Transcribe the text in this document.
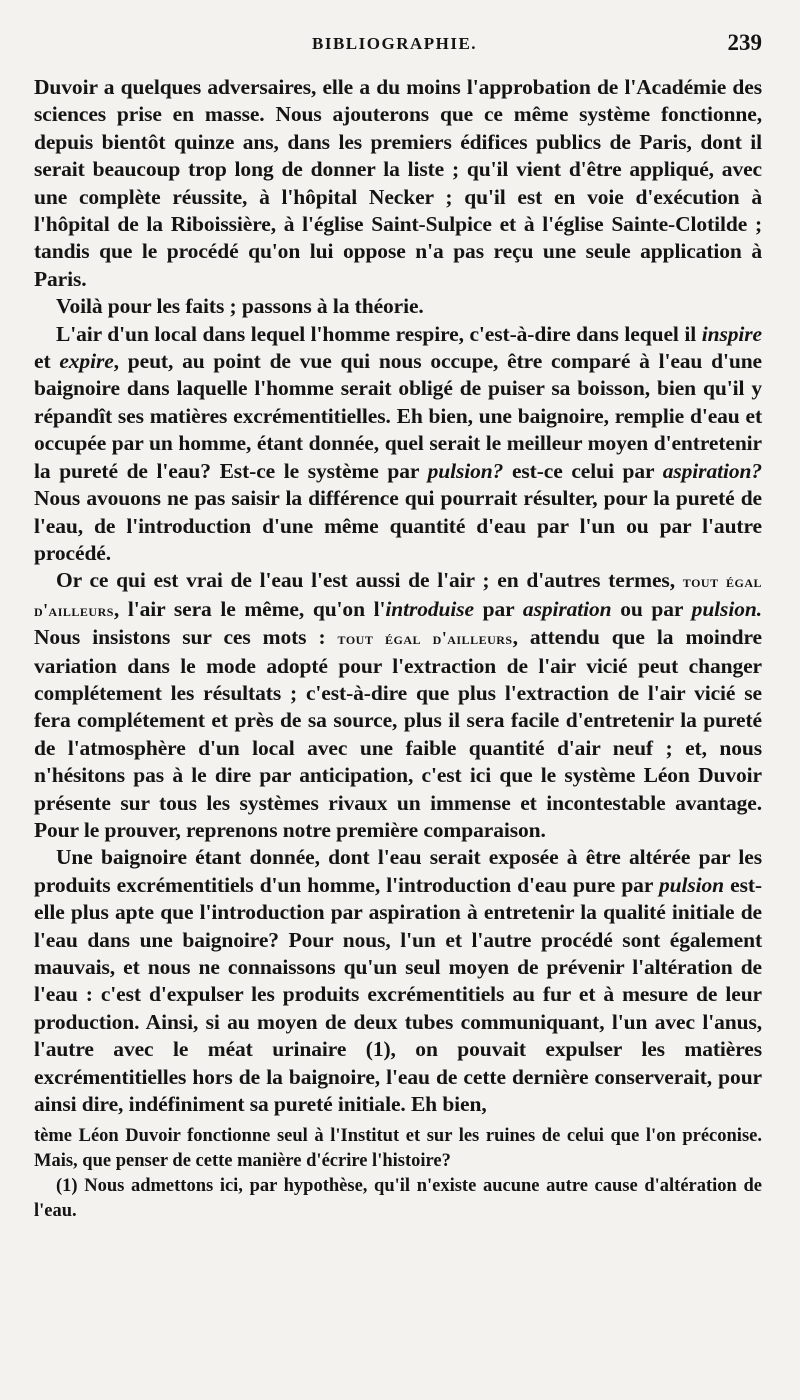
BIBLIOGRAPHIE.	239

Duvoir a quelques adversaires, elle a du moins l'approbation de l'Académie des sciences prise en masse. Nous ajouterons que ce même système fonctionne, depuis bientôt quinze ans, dans les premiers édifices publics de Paris, dont il serait beaucoup trop long de donner la liste ; qu'il vient d'être appliqué, avec une complète réussite, à l'hôpital Necker ; qu'il est en voie d'exécution à l'hôpital de la Riboissière, à l'église Saint-Sulpice et à l'église Sainte-Clotilde ; tandis que le procédé qu'on lui oppose n'a pas reçu une seule application à Paris.

Voilà pour les faits ; passons à la théorie.

L'air d'un local dans lequel l'homme respire, c'est-à-dire dans lequel il inspire et expire, peut, au point de vue qui nous occupe, être comparé à l'eau d'une baignoire dans laquelle l'homme serait obligé de puiser sa boisson, bien qu'il y répandît ses matières excrémentitielles. Eh bien, une baignoire, remplie d'eau et occupée par un homme, étant donnée, quel serait le meilleur moyen d'entretenir la pureté de l'eau? Est-ce le système par pulsion? est-ce celui par aspiration? Nous avouons ne pas saisir la différence qui pourrait résulter, pour la pureté de l'eau, de l'introduction d'une même quantité d'eau par l'un ou par l'autre procédé.

Or ce qui est vrai de l'eau l'est aussi de l'air ; en d'autres termes, tout égal d'ailleurs, l'air sera le même, qu'on l'introduise par aspiration ou par pulsion. Nous insistons sur ces mots : tout égal d'ailleurs, attendu que la moindre variation dans le mode adopté pour l'extraction de l'air vicié peut changer complétement les résultats ; c'est-à-dire que plus l'extraction de l'air vicié se fera complétement et près de sa source, plus il sera facile d'entretenir la pureté de l'atmosphère d'un local avec une faible quantité d'air neuf ; et, nous n'hésitons pas à le dire par anticipation, c'est ici que le système Léon Duvoir présente sur tous les systèmes rivaux un immense et incontestable avantage. Pour le prouver, reprenons notre première comparaison.

Une baignoire étant donnée, dont l'eau serait exposée à être altérée par les produits excrémentitiels d'un homme, l'introduction d'eau pure par pulsion est-elle plus apte que l'introduction par aspiration à entretenir la qualité initiale de l'eau dans une baignoire? Pour nous, l'un et l'autre procédé sont également mauvais, et nous ne connaissons qu'un seul moyen de prévenir l'altération de l'eau : c'est d'expulser les produits excrémentitiels au fur et à mesure de leur production. Ainsi, si au moyen de deux tubes communiquant, l'un avec l'anus, l'autre avec le méat urinaire (1), on pouvait expulser les matières excrémentitielles hors de la baignoire, l'eau de cette dernière conserverait, pour ainsi dire, indéfiniment sa pureté initiale. Eh bien,

tème Léon Duvoir fonctionne seul à l'Institut et sur les ruines de celui que l'on préconise. Mais, que penser de cette manière d'écrire l'histoire?

(1) Nous admettons ici, par hypothèse, qu'il n'existe aucune autre cause d'altération de l'eau.
